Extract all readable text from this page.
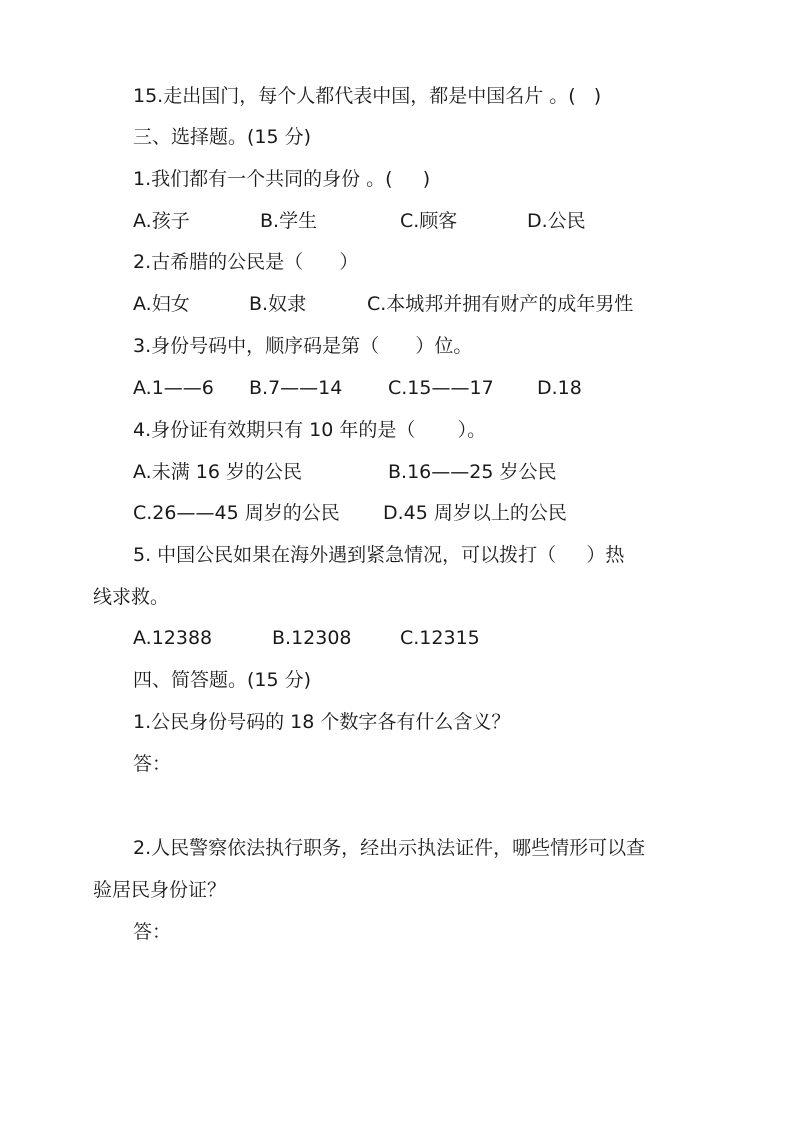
15.走出国门，每个人都代表中国，都是中国名片 。(   )
三、选择题。(15 分)
1.我们都有一个共同的身份 。(     )
A.孩子	B.学生	C.顾客	D.公民
2.古希腊的公民是（      ）
A.妇女	B.奴隶	C.本城邦并拥有财产的成年男性
3.身份号码中，顺序码是第（      ）位。
A.1——6 B.7——14 C.15——17 D.18
4.身份证有效期只有 10 年的是（       ）。
A.未满 16 岁的公民	B.16——25 岁公民
C.26——45 周岁的公民 D.45 周岁以上的公民
5. 中国公民如果在海外遇到紧急情况，可以拨打（     ）热
线求救。
A.12388	B.12308	C.12315
四、简答题。(15 分)
1.公民身份号码的 18 个数字各有什么含义？
答：
2.人民警察依法执行职务，经出示执法证件，哪些情形可以查
验居民身份证？
答：
